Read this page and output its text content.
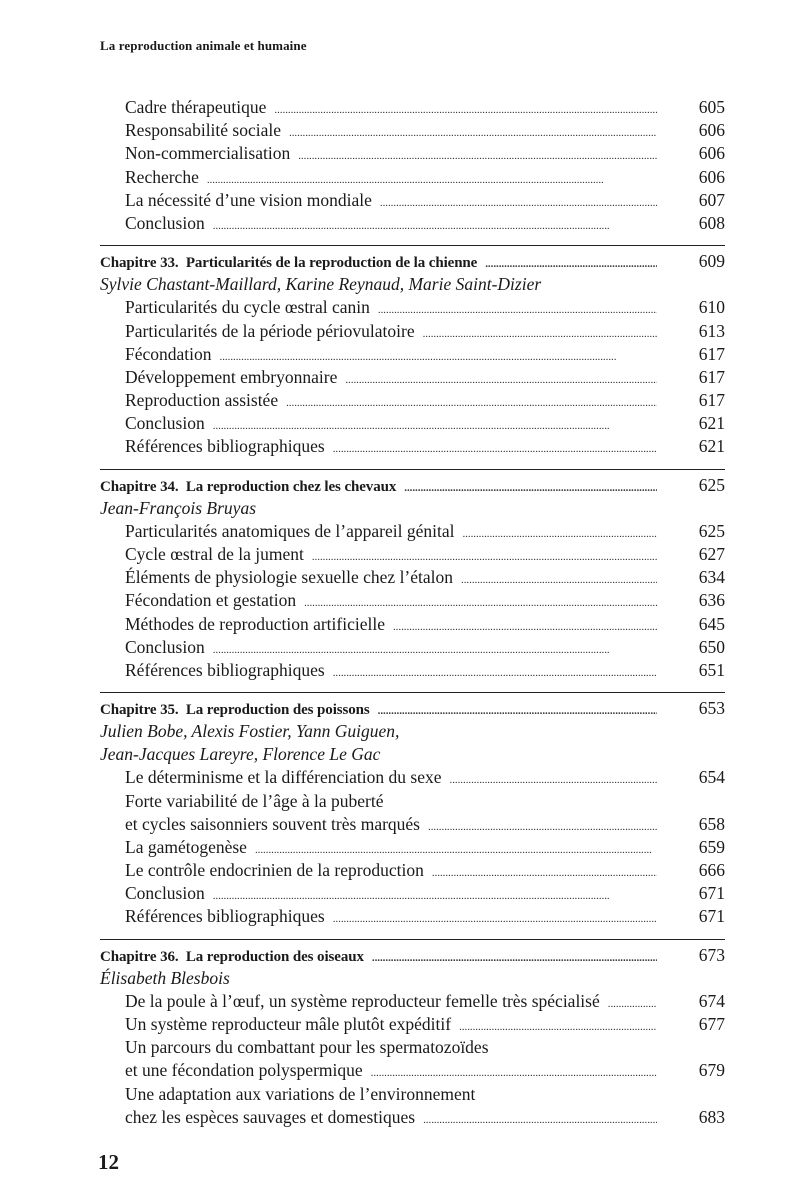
La reproduction animale et humaine
Cadre thérapeutique . . .	605
Responsabilité sociale . . .	606
Non-commercialisation . . .	606
Recherche . . .	606
La nécessité d’une vision mondiale . . .	607
Conclusion . . .	608
Chapitre 33. Particularités de la reproduction de la chienne . . .	609
Sylvie Chastant-Maillard, Karine Reynaud, Marie Saint-Dizier
Particularités du cycle œstral canin . . .	610
Particularités de la période périovulatoire . . .	613
Fécondation . . .	617
Développement embryonnaire . . .	617
Reproduction assistée . . .	617
Conclusion . . .	621
Références bibliographiques . . .	621
Chapitre 34. La reproduction chez les chevaux . . .	625
Jean-François Bruyas
Particularités anatomiques de l’appareil génital . . .	625
Cycle œstral de la jument . . .	627
Éléments de physiologie sexuelle chez l’étalon . . .	634
Fécondation et gestation . . .	636
Méthodes de reproduction artificielle . . .	645
Conclusion . . .	650
Références bibliographiques . . .	651
Chapitre 35. La reproduction des poissons . . .	653
Julien Bobe, Alexis Fostier, Yann Guiguen,
Jean-Jacques Lareyre, Florence Le Gac
Le déterminisme et la différenciation du sexe . . .	654
Forte variabilité de l’âge à la puberté
et cycles saisonniers souvent très marqués . . .	658
La gamétogenèse . . .	659
Le contrôle endocrinien de la reproduction . . .	666
Conclusion . . .	671
Références bibliographiques . . .	671
Chapitre 36. La reproduction des oiseaux . . .	673
Élisabeth Blesbois
De la poule à l’œuf, un système reproducteur femelle très spécialisé . . .	674
Un système reproducteur mâle plutôt expéditif . . .	677
Un parcours du combattant pour les spermatozoïdes
et une fécondation polyspermique . . .	679
Une adaptation aux variations de l’environnement
chez les espèces sauvages et domestiques . . .	683
12
